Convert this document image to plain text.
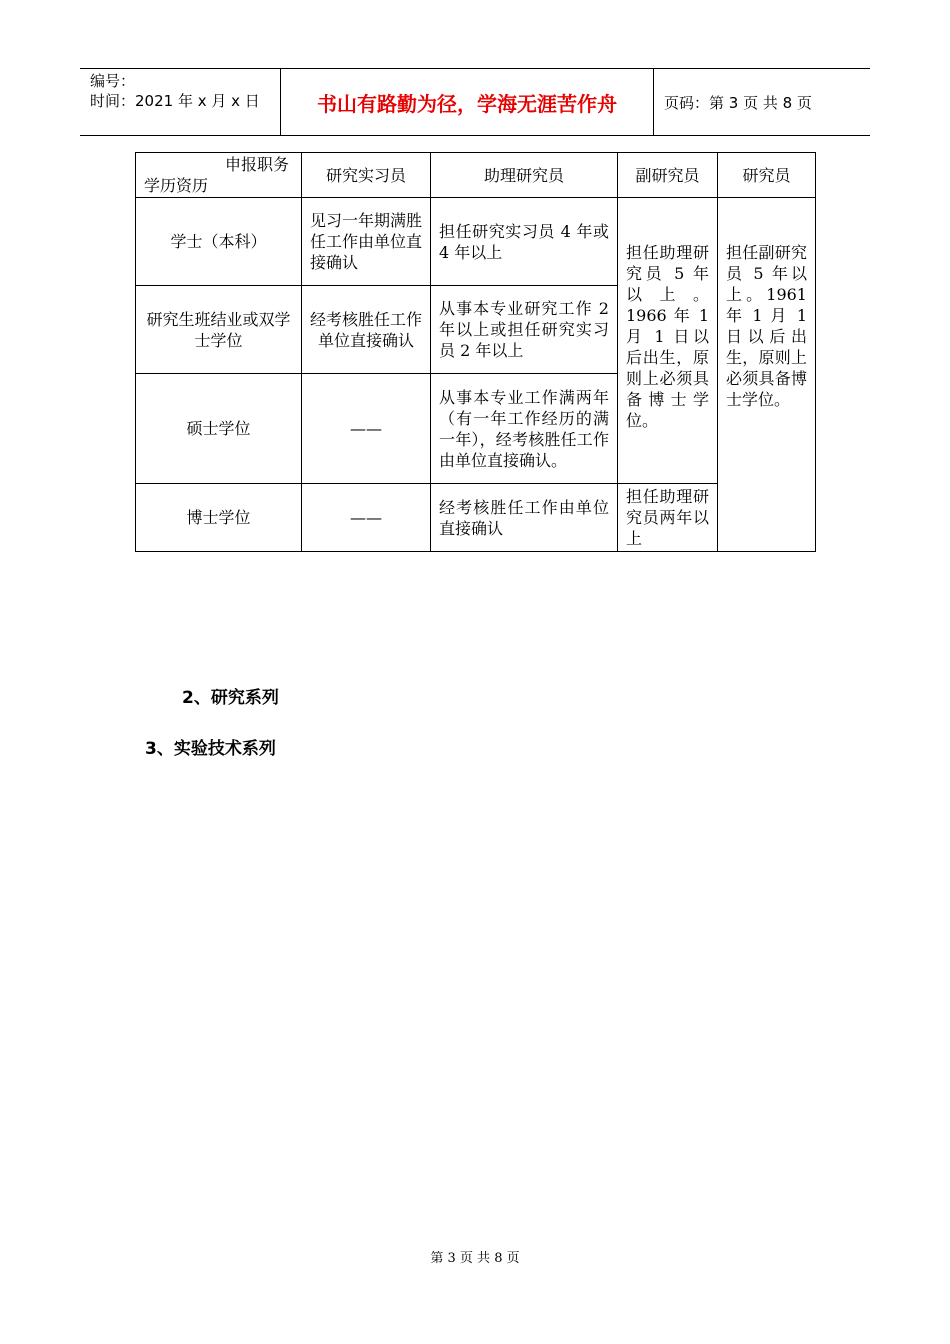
编号：
时间：2021 年 x 月 x 日	书山有路勤为径，学海无涯苦作舟	页码：第 3 页 共 8 页
申报职务
学历资历	研究实习员	助理研究员	副研究员	研究员
学士（本科）	见习一年期满胜任工作由单位直接确认	担任研究实习员 4 年或 4 年以上	担任助理研究员 5 年以上。1966 年 1 月 1 日以后出生，原则上必须具备博士学位。	担任副研究员 5 年以上。1961 年 1 月 1 日以后出生，原则上必须具备博士学位。
研究生班结业或双学士学位	经考核胜任工作单位直接确认	从事本专业研究工作 2 年以上或担任研究实习员 2 年以上		
硕士学位	——	从事本专业工作满两年（有一年工作经历的满一年），经考核胜任工作由单位直接确认。		
博士学位	——	经考核胜任工作由单位直接确认	担任助理研究员两年以上	
2、研究系列
3、实验技术系列
第 3 页 共 8 页
